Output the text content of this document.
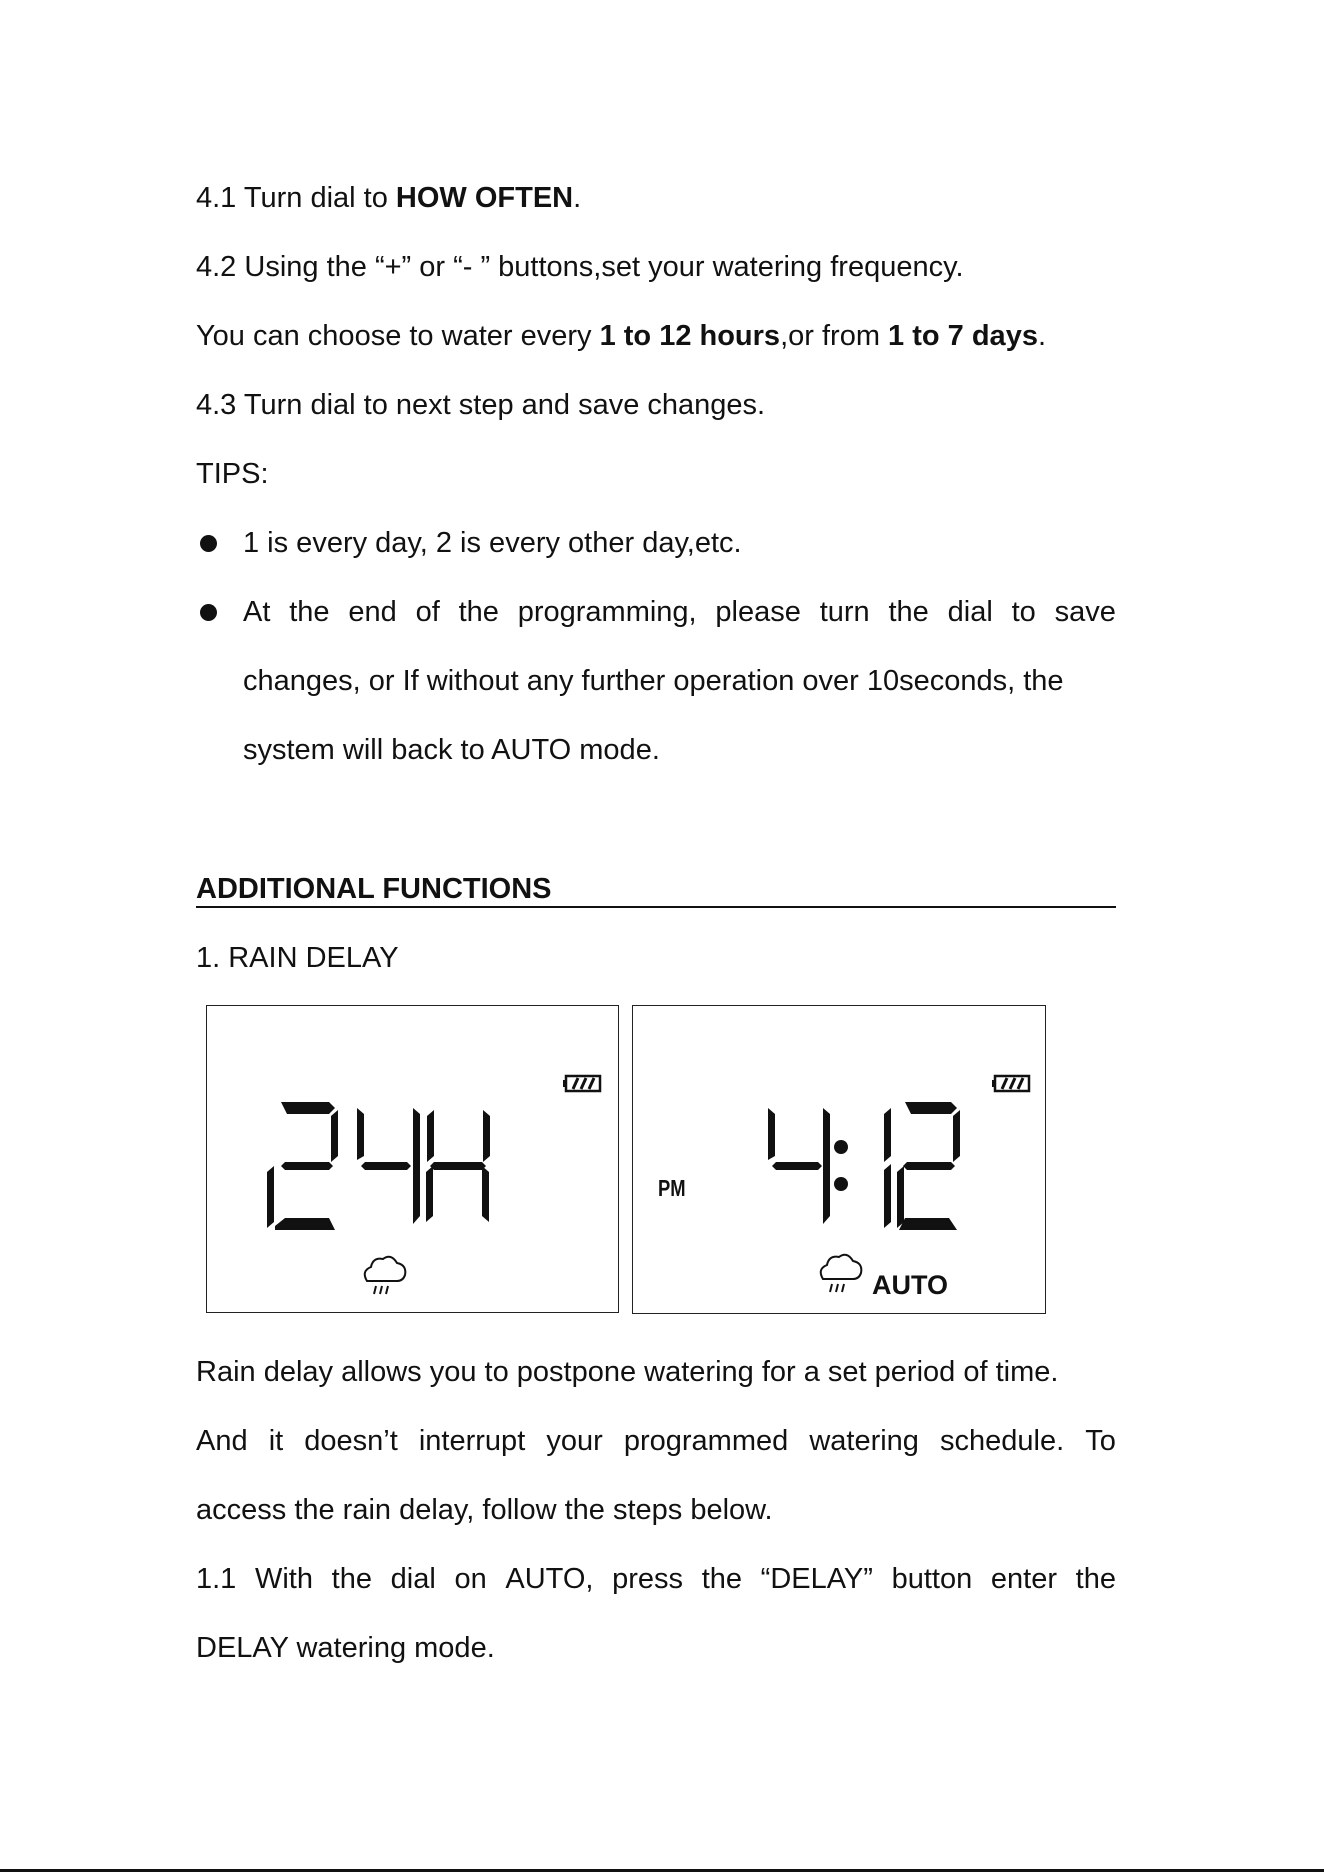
4.1 Turn dial to HOW OFTEN.

4.2 Using the “+” or “- ” buttons,set your watering frequency.

You can choose to water every 1 to 12 hours,or from 1 to 7 days.

4.3 Turn dial to next step and save changes.

TIPS:

1 is every day, 2 is every other day,etc.

At the end of the programming, please turn the dial to save

changes, or If without any further operation over 10seconds, the

system will back to AUTO mode.

ADDITIONAL FUNCTIONS

1. RAIN DELAY

PM
AUTO

Rain delay allows you to postpone watering for a set period of time.

And it doesn’t interrupt your programmed watering schedule. To

access the rain delay, follow the steps below.

1.1 With the dial on AUTO, press the “DELAY” button enter the

DELAY watering mode.
